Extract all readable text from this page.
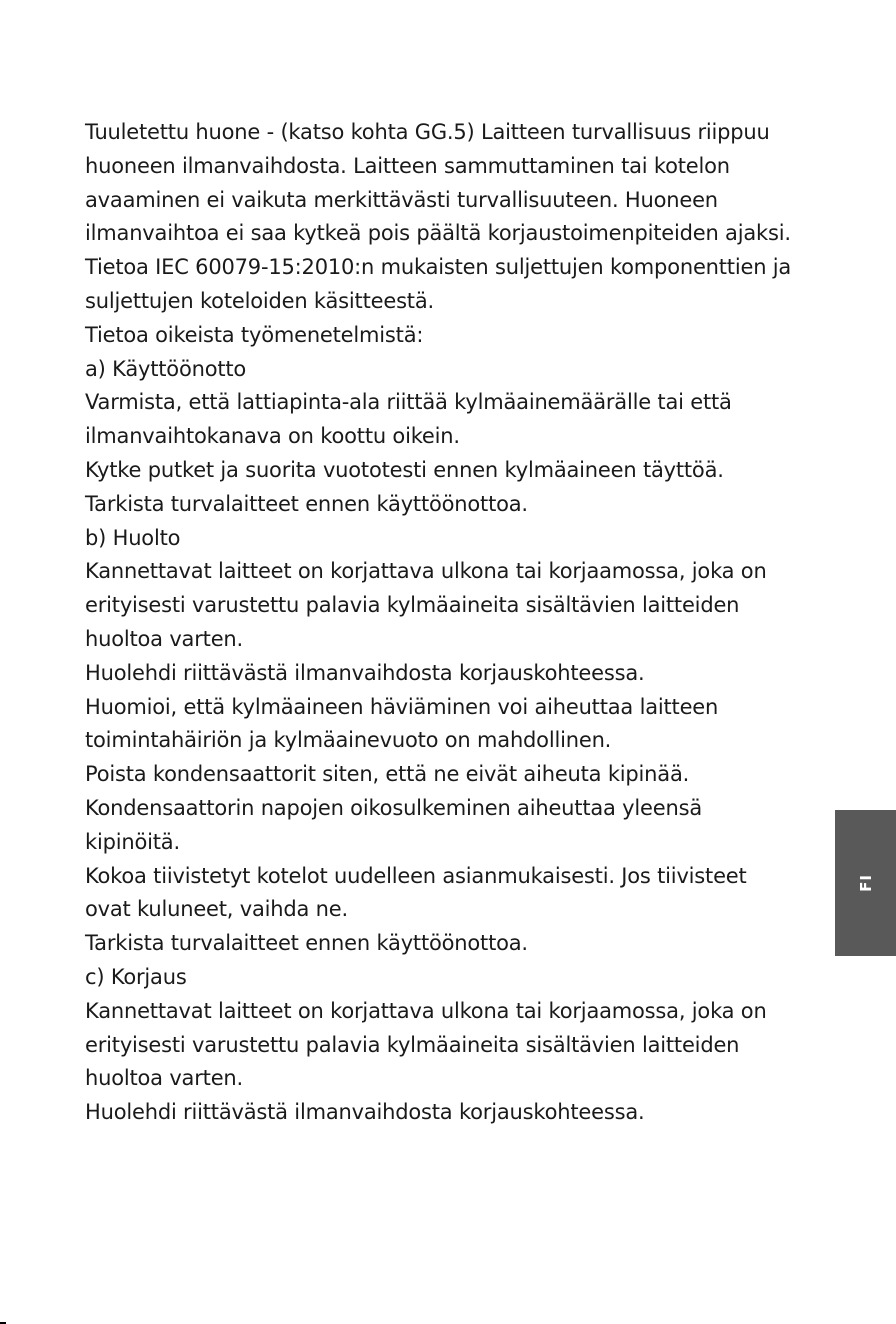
Tuuletettu huone - (katso kohta GG.5) Laitteen turvallisuus riippuu
huoneen ilmanvaihdosta. Laitteen sammuttaminen tai kotelon
avaaminen ei vaikuta merkittävästi turvallisuuteen. Huoneen
ilmanvaihtoa ei saa kytkeä pois päältä korjaustoimenpiteiden ajaksi.
Tietoa IEC 60079-15:2010:n mukaisten suljettujen komponenttien ja
suljettujen koteloiden käsitteestä.
Tietoa oikeista työmenetelmistä:
a) Käyttöönotto
Varmista, että lattiapinta-ala riittää kylmäainemäärälle tai että
ilmanvaihtokanava on koottu oikein.
Kytke putket ja suorita vuototesti ennen kylmäaineen täyttöä.
Tarkista turvalaitteet ennen käyttöönottoa.
b) Huolto
Kannettavat laitteet on korjattava ulkona tai korjaamossa, joka on
erityisesti varustettu palavia kylmäaineita sisältävien laitteiden
huoltoa varten.
Huolehdi riittävästä ilmanvaihdosta korjauskohteessa.
Huomioi, että kylmäaineen häviäminen voi aiheuttaa laitteen
toimintahäiriön ja kylmäainevuoto on mahdollinen.
Poista kondensaattorit siten, että ne eivät aiheuta kipinää.
Kondensaattorin napojen oikosulkeminen aiheuttaa yleensä
kipinöitä.
Kokoa tiivistetyt kotelot uudelleen asianmukaisesti. Jos tiivisteet
ovat kuluneet, vaihda ne.
Tarkista turvalaitteet ennen käyttöönottoa.
c) Korjaus
Kannettavat laitteet on korjattava ulkona tai korjaamossa, joka on
erityisesti varustettu palavia kylmäaineita sisältävien laitteiden
huoltoa varten.
Huolehdi riittävästä ilmanvaihdosta korjauskohteessa.
FI
